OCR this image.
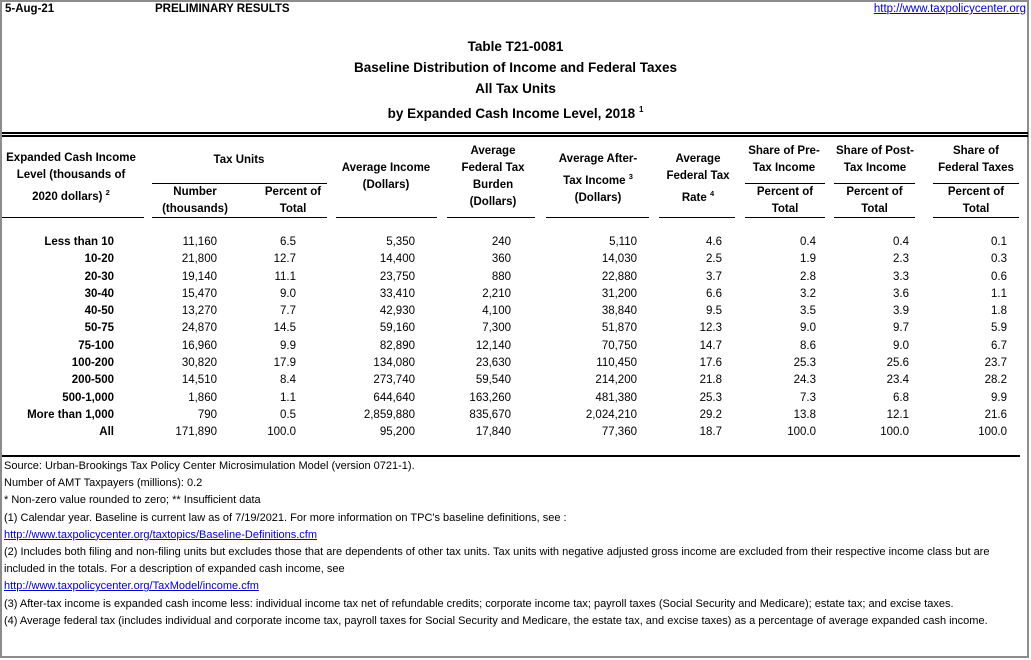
5-Aug-21	PRELIMINARY RESULTS	http://www.taxpolicycenter.org
Table T21-0081
Baseline Distribution of Income and Federal Taxes
All Tax Units
by Expanded Cash Income Level, 2018 $^1$
Expanded Cash Income
Level (thousands of
2020 dollars) $^2$
Tax Units
Number
(thousands)
Percent of
Total
Average Income
(Dollars)
Average
Federal Tax
Burden
(Dollars)
Average After-
Tax Income $^3$
(Dollars)
Average
Federal Tax
Rate $^4$
Share of Pre-
Tax Income
Percent of
Total
Share of Post-
Tax Income
Percent of
Total
Share of
Federal Taxes
Percent of
Total
Less than 10	11,160	6.5	5,350	240	5,110	4.6	0.4	0.4	0.1
10-20	21,800	12.7	14,400	360	14,030	2.5	1.9	2.3	0.3
20-30	19,140	11.1	23,750	880	22,880	3.7	2.8	3.3	0.6
30-40	15,470	9.0	33,410	2,210	31,200	6.6	3.2	3.6	1.1
40-50	13,270	7.7	42,930	4,100	38,840	9.5	3.5	3.9	1.8
50-75	24,870	14.5	59,160	7,300	51,870	12.3	9.0	9.7	5.9
75-100	16,960	9.9	82,890	12,140	70,750	14.7	8.6	9.0	6.7
100-200	30,820	17.9	134,080	23,630	110,450	17.6	25.3	25.6	23.7
200-500	14,510	8.4	273,740	59,540	214,200	21.8	24.3	23.4	28.2
500-1,000	1,860	1.1	644,640	163,260	481,380	25.3	7.3	6.8	9.9
More than 1,000	790	0.5	2,859,880	835,670	2,024,210	29.2	13.8	12.1	21.6
All	171,890	100.0	95,200	17,840	77,360	18.7	100.0	100.0	100.0
Source: Urban-Brookings Tax Policy Center Microsimulation Model (version 0721-1).
Number of AMT Taxpayers (millions): 0.2
* Non-zero value rounded to zero; ** Insufficient data
(1) Calendar year. Baseline is current law as of 7/19/2021. For more information on TPC's baseline definitions, see :
http://www.taxpolicycenter.org/taxtopics/Baseline-Definitions.cfm
(2) Includes both filing and non-filing units but excludes those that are dependents of other tax units. Tax units with negative adjusted gross income are excluded from their respective income class but are included in the totals. For a description of expanded cash income, see
http://www.taxpolicycenter.org/TaxModel/income.cfm
(3) After-tax income is expanded cash income less: individual income tax net of refundable credits; corporate income tax; payroll taxes (Social Security and Medicare); estate tax; and excise taxes.
(4) Average federal tax (includes individual and corporate income tax, payroll taxes for Social Security and Medicare, the estate tax, and excise taxes) as a percentage of average expanded cash income.
